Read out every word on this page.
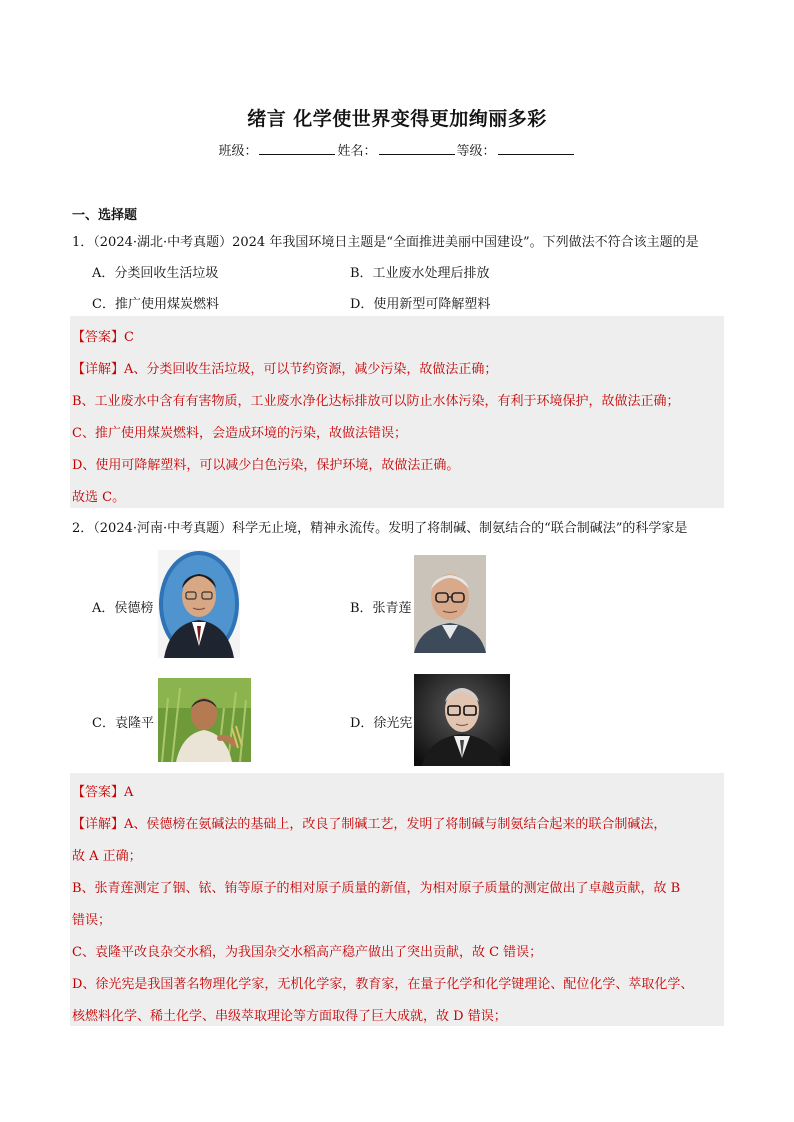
绪言 化学使世界变得更加绚丽多彩
班级：	姓名：	等级：
一、选择题
1．（2024·湖北·中考真题）2024 年我国环境日主题是“全面推进美丽中国建设”。下列做法不符合该主题的是
A．分类回收生活垃圾	B．工业废水处理后排放
C．推广使用煤炭燃料	D．使用新型可降解塑料
【答案】C
【详解】A、分类回收生活垃圾，可以节约资源，减少污染，故做法正确；
B、工业废水中含有有害物质，工业废水净化达标排放可以防止水体污染，有利于环境保护，故做法正确；
C、推广使用煤炭燃料，会造成环境的污染，故做法错误；
D、使用可降解塑料，可以减少白色污染，保护环境，故做法正确。
故选 C。
2．（2024·河南·中考真题）科学无止境，精神永流传。发明了将制碱、制氨结合的“联合制碱法”的科学家是
A．侯德榜	B．张青莲
C．袁隆平	D．徐光宪
【答案】A
【详解】A、侯德榜在氨碱法的基础上，改良了制碱工艺，发明了将制碱与制氨结合起来的联合制碱法，
故 A 正确；
B、张青莲测定了铟、铱、铕等原子的相对原子质量的新值，为相对原子质量的测定做出了卓越贡献，故 B
错误；
C、袁隆平改良杂交水稻，为我国杂交水稻高产稳产做出了突出贡献，故 C 错误；
D、徐光宪是我国著名物理化学家，无机化学家，教育家，在量子化学和化学键理论、配位化学、萃取化学、
核燃料化学、稀土化学、串级萃取理论等方面取得了巨大成就，故 D 错误；
